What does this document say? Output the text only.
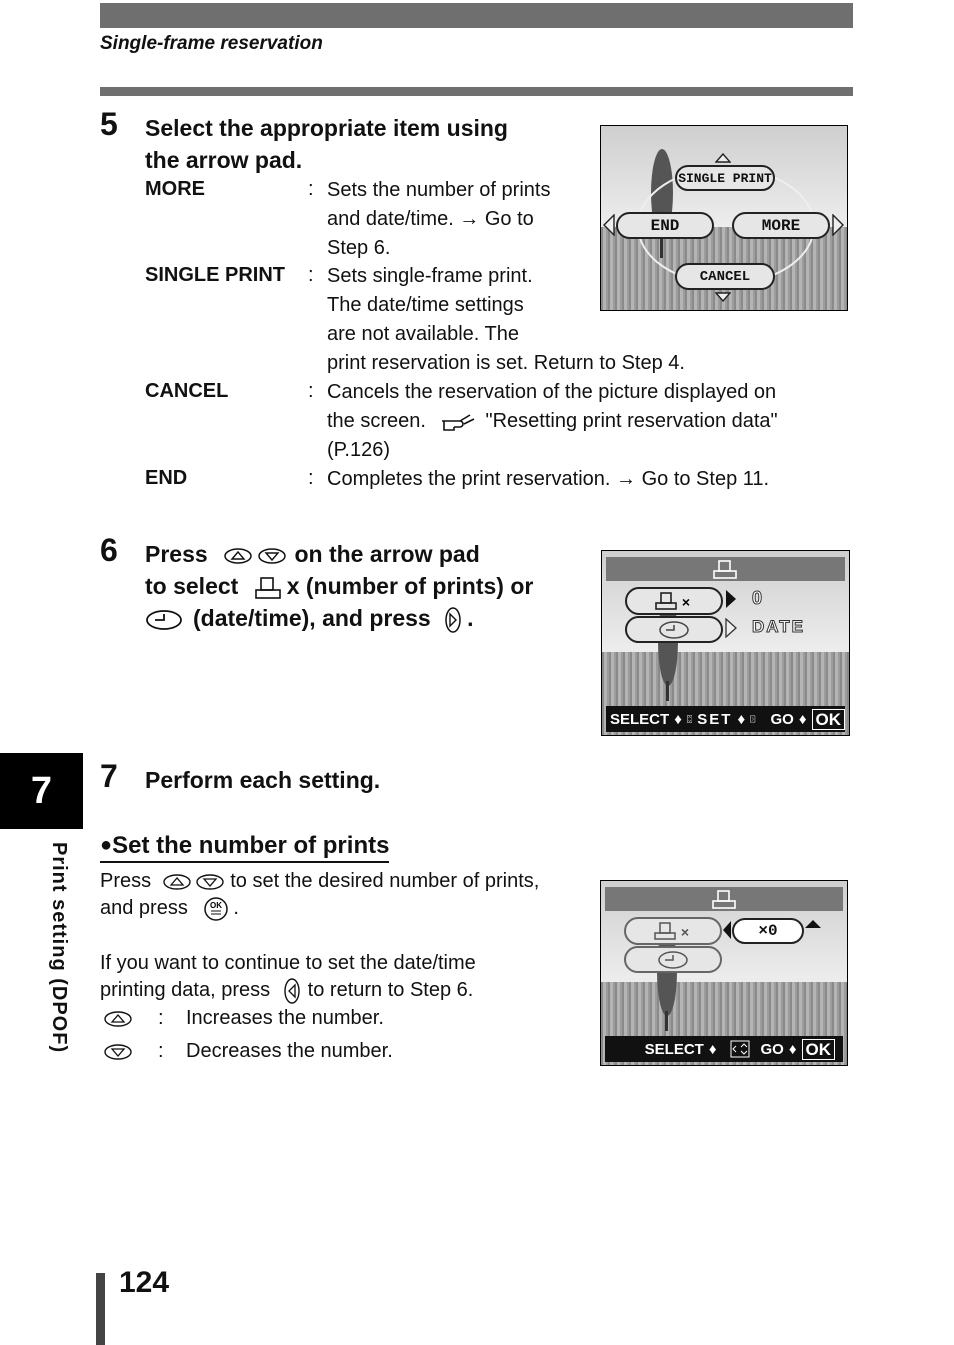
Single-frame reservation
5 Select the appropriate item using
the arrow pad.
MORE	: Sets the number of prints
and date/time. → Go to
Step 6.
SINGLE PRINT : Sets single-frame print.
The date/time settings
are not available. The
print reservation is set. Return to Step 4.
CANCEL	: Cancels the reservation of the picture displayed on
the screen.	"Resetting print reservation data"
(P.126)
END	: Completes the print reservation. → Go to Step 11.
SINGLE PRINT
END	MORE
CANCEL
6 Press	on the arrow pad
to select x (number of prints) or
(date/time), and press .
×	0
DATE
SELECT ♦ SET ♦ GO ♦ OK
7 Perform each setting.
●Set the number of prints
Press	to set the desired number of prints,
and press	OK .
If you want to continue to set the date/time
printing data, press to return to Step 6.
: Increases the number.
: Decreases the number.
×	×0
SELECT ♦	GO ♦ OK
7
Print setting (DPOF)
124
